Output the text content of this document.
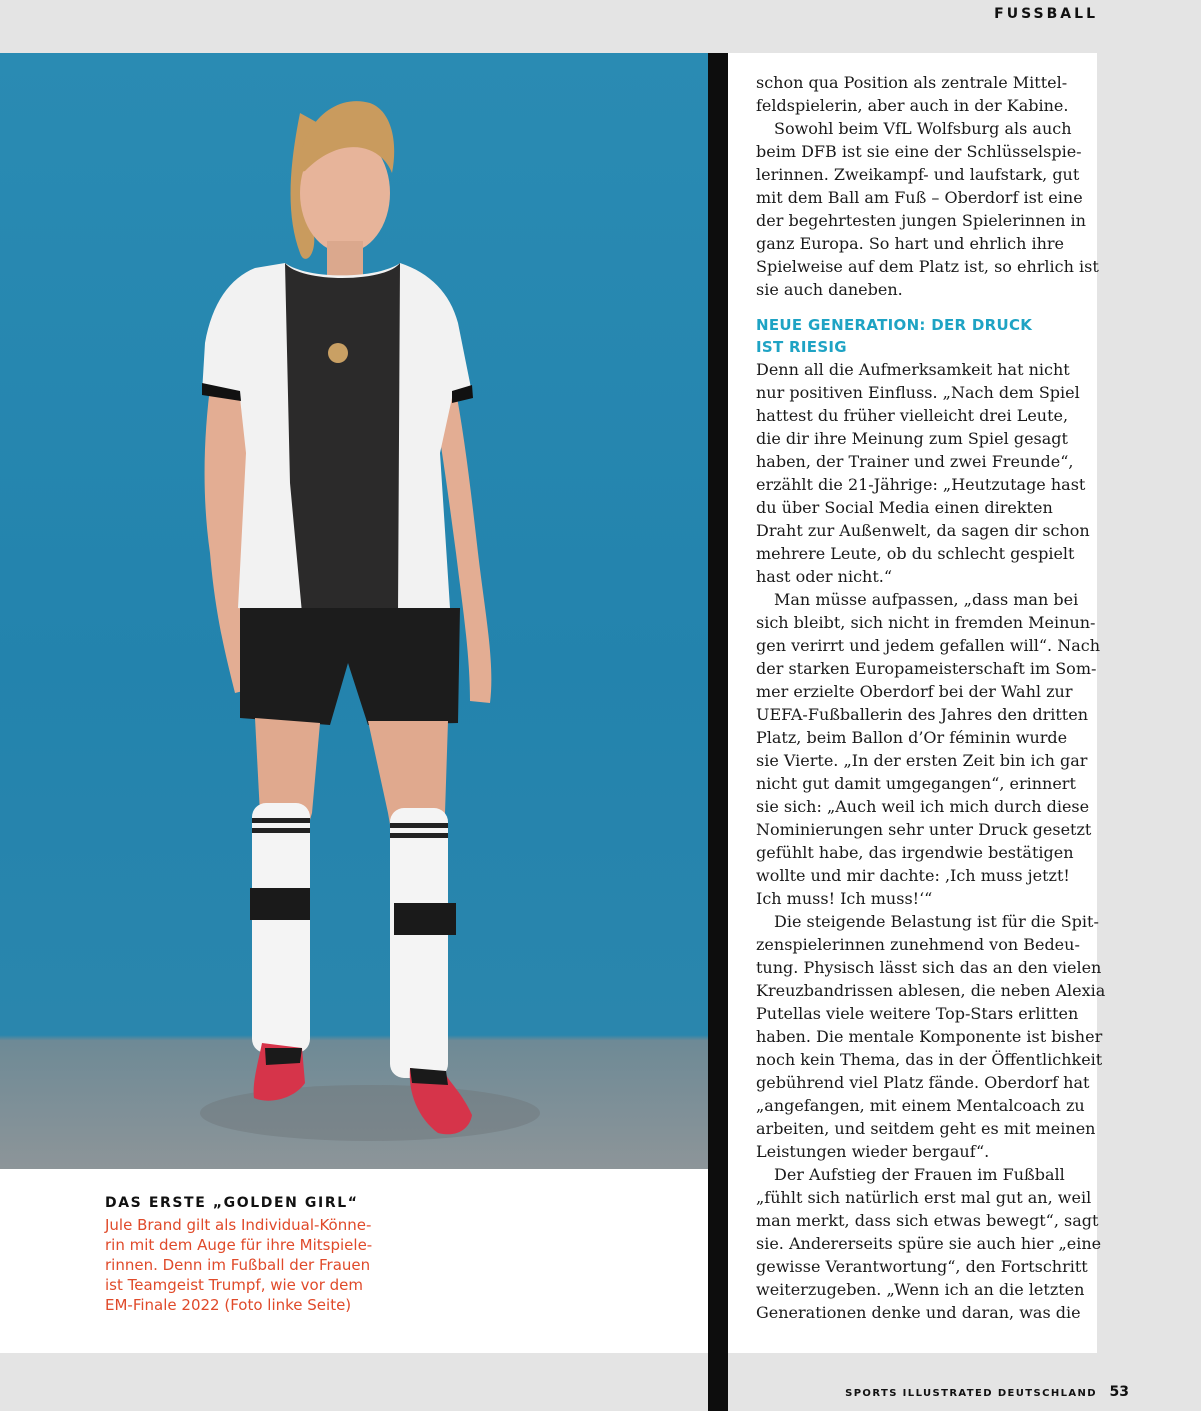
FUSSBALL
DAS ERSTE „GOLDEN GIRL“
Jule Brand gilt als Individual-Könne-
rin mit dem Auge für ihre Mitspiele-
rinnen. Denn im Fußball der Frauen
ist Teamgeist Trumpf, wie vor dem
EM-Finale 2022 (Foto linke Seite)
schon qua Position als zentrale Mittel-
feldspielerin, aber auch in der Kabine.
Sowohl beim VfL Wolfsburg als auch
beim DFB ist sie eine der Schlüsselspie-
lerinnen. Zweikampf- und laufstark, gut
mit dem Ball am Fuß – Oberdorf ist eine
der begehrtesten jungen Spielerinnen in
ganz Europa. So hart und ehrlich ihre
Spielweise auf dem Platz ist, so ehrlich ist
sie auch daneben.
NEUE GENERATION: DER DRUCK
IST RIESIG
Denn all die Aufmerksamkeit hat nicht
nur positiven Einfluss. „Nach dem Spiel
hattest du früher vielleicht drei Leute,
die dir ihre Meinung zum Spiel gesagt
haben, der Trainer und zwei Freunde“,
erzählt die 21-Jährige: „Heutzutage hast
du über Social Media einen direkten
Draht zur Außenwelt, da sagen dir schon
mehrere Leute, ob du schlecht gespielt
hast oder nicht.“
Man müsse aufpassen, „dass man bei
sich bleibt, sich nicht in fremden Meinun-
gen verirrt und jedem gefallen will“. Nach
der starken Europameisterschaft im Som-
mer erzielte Oberdorf bei der Wahl zur
UEFA-Fußballerin des Jahres den dritten
Platz, beim Ballon d’Or féminin wurde
sie Vierte. „In der ersten Zeit bin ich gar
nicht gut damit umgegangen“, erinnert
sie sich: „Auch weil ich mich durch diese
Nominierungen sehr unter Druck gesetzt
gefühlt habe, das irgendwie bestätigen
wollte und mir dachte: ‚Ich muss jetzt!
Ich muss! Ich muss!‘“
Die steigende Belastung ist für die Spit-
zenspielerinnen zunehmend von Bedeu-
tung. Physisch lässt sich das an den vielen
Kreuzbandrissen ablesen, die neben Alexia
Putellas viele weitere Top-Stars erlitten
haben. Die mentale Komponente ist bisher
noch kein Thema, das in der Öffentlichkeit
gebührend viel Platz fände. Oberdorf hat
„angefangen, mit einem Mentalcoach zu
arbeiten, und seitdem geht es mit meinen
Leistungen wieder bergauf“.
Der Aufstieg der Frauen im Fußball
„fühlt sich natürlich erst mal gut an, weil
man merkt, dass sich etwas bewegt“, sagt
sie. Andererseits spüre sie auch hier „eine
gewisse Verantwortung“, den Fortschritt
weiterzugeben. „Wenn ich an die letzten
Generationen denke und daran, was die
SPORTS ILLUSTRATED DEUTSCHLAND 53
